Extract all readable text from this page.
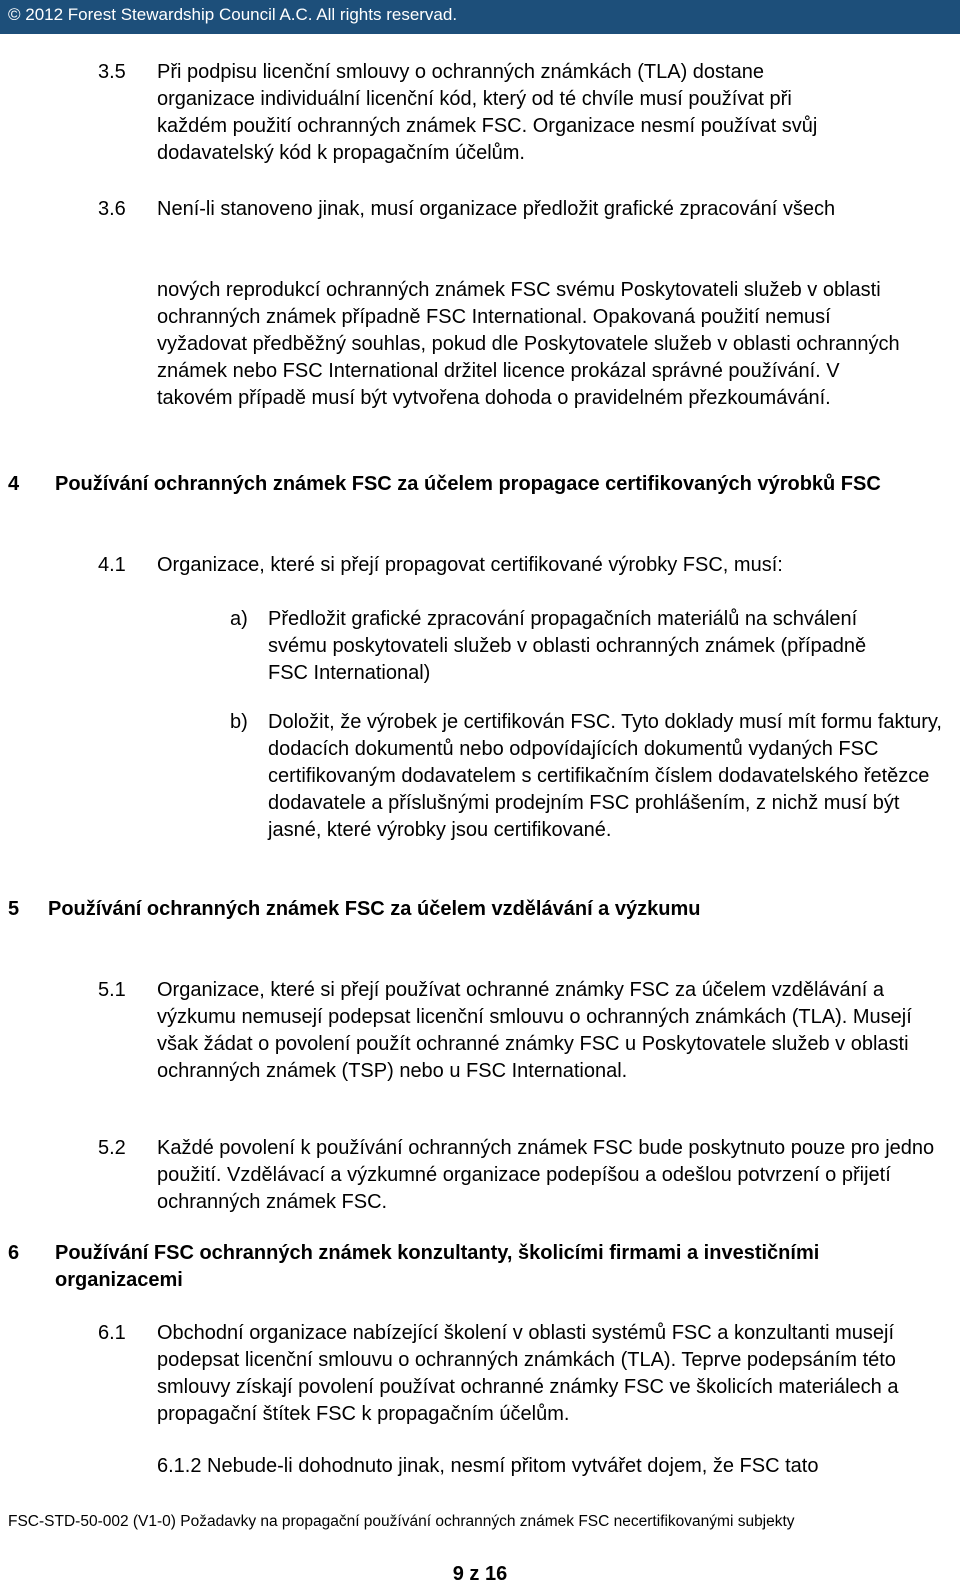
© 2012 Forest Stewardship Council A.C. All rights reservad.
3.5 Při podpisu licenční smlouvy o ochranných známkách (TLA) dostane organizace individuální licenční kód, který od té chvíle musí používat při každém použití ochranných známek FSC. Organizace nesmí používat svůj dodavatelský kód k propagačním účelům.

3.6 Není-li stanoveno jinak, musí organizace předložit grafické zpracování všech

nových reprodukcí ochranných známek FSC svému Poskytovateli služeb v oblasti ochranných známek případně FSC International. Opakovaná použití nemusí vyžadovat předběžný souhlas, pokud dle Poskytovatele služeb v oblasti ochranných známek nebo FSC International držitel licence prokázal správné používání. V takovém případě musí být vytvořena dohoda o pravidelném přezkoumávání.

4 Používání ochranných známek FSC za účelem propagace certifikovaných výrobků FSC

4.1 Organizace, které si přejí propagovat certifikované výrobky FSC, musí:

a) Předložit grafické zpracování propagačních materiálů na schválení svému poskytovateli služeb v oblasti ochranných známek (případně FSC International)

b) Doložit, že výrobek je certifikován FSC. Tyto doklady musí mít formu faktury, dodacích dokumentů nebo odpovídajících dokumentů vydaných FSC certifikovaným dodavatelem s certifikačním číslem dodavatelského řetězce dodavatele a příslušnými prodejním FSC prohlášením, z nichž musí být jasné, které výrobky jsou certifikované.

5 Používání ochranných známek FSC za účelem vzdělávání a výzkumu

5.1 Organizace, které si přejí používat ochranné známky FSC za účelem vzdělávání a výzkumu nemusejí podepsat licenční smlouvu o ochranných známkách (TLA). Musejí však žádat o povolení použít ochranné známky FSC u Poskytovatele služeb v oblasti ochranných známek (TSP) nebo u FSC International.

5.2 Každé povolení k používání ochranných známek FSC bude poskytnuto pouze pro jedno použití. Vzdělávací a výzkumné organizace podepíšou a odešlou potvrzení o přijetí ochranných známek FSC.

6 Používání FSC ochranných známek konzultanty, školicími firmami a investičními organizacemi

6.1 Obchodní organizace nabízející školení v oblasti systémů FSC a konzultanti musejí podepsat licenční smlouvu o ochranných známkách (TLA). Teprve podepsáním této smlouvy získají povolení používat ochranné známky FSC ve školicích materiálech a propagační štítek FSC k propagačním účelům.

6.1.2 Nebude-li dohodnuto jinak, nesmí přitom vytvářet dojem, že FSC tato

FSC-STD-50-002 (V1-0) Požadavky na propagační používání ochranných známek FSC necertifikovanými subjekty
9 z 16
